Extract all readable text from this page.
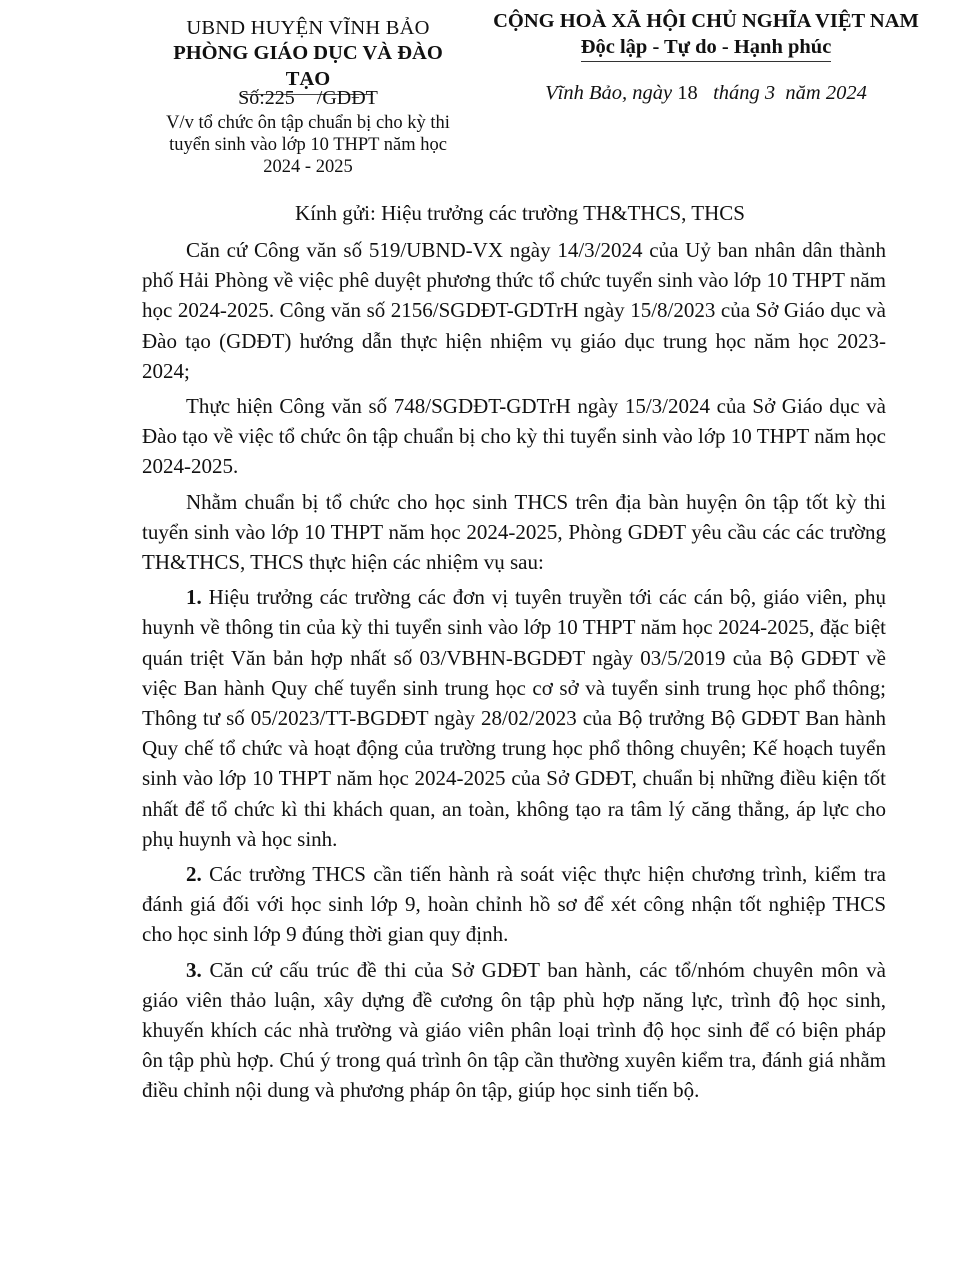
UBND HUYỆN VĨNH BẢO
PHÒNG GIÁO DỤC VÀ ĐÀO TẠO
CỘNG HOÀ XÃ HỘI CHỦ NGHĨA VIỆT NAM
Độc lập - Tự do - Hạnh phúc
Số:225 /GDĐT
V/v tổ chức ôn tập chuẩn bị cho kỳ thi
tuyển sinh vào lớp 10 THPT năm học
2024 - 2025
Vĩnh Bảo, ngày 18 tháng 3 năm 2024
Kính gửi: Hiệu trưởng các trường TH&THCS, THCS

Căn cứ Công văn số 519/UBND-VX ngày 14/3/2024 của Uỷ ban nhân dân thành phố Hải Phòng về việc phê duyệt phương thức tổ chức tuyển sinh vào lớp 10 THPT năm học 2024-2025. Công văn số 2156/SGDĐT-GDTrH ngày 15/8/2023 của Sở Giáo dục và Đào tạo (GDĐT) hướng dẫn thực hiện nhiệm vụ giáo dục trung học năm học 2023-2024;

Thực hiện Công văn số 748/SGDĐT-GDTrH ngày 15/3/2024 của Sở Giáo dục và Đào tạo về việc tổ chức ôn tập chuẩn bị cho kỳ thi tuyển sinh vào lớp 10 THPT năm học 2024-2025.

Nhằm chuẩn bị tổ chức cho học sinh THCS trên địa bàn huyện ôn tập tốt kỳ thi tuyển sinh vào lớp 10 THPT năm học 2024-2025, Phòng GDĐT yêu cầu các các trường TH&THCS, THCS thực hiện các nhiệm vụ sau:

1. Hiệu trưởng các trường các đơn vị tuyên truyền tới các cán bộ, giáo viên, phụ huynh về thông tin của kỳ thi tuyển sinh vào lớp 10 THPT năm học 2024-2025, đặc biệt quán triệt Văn bản hợp nhất số 03/VBHN-BGDĐT ngày 03/5/2019 của Bộ GDĐT về việc Ban hành Quy chế tuyển sinh trung học cơ sở và tuyển sinh trung học phổ thông; Thông tư số 05/2023/TT-BGDĐT ngày 28/02/2023 của Bộ trưởng Bộ GDĐT Ban hành Quy chế tổ chức và hoạt động của trường trung học phổ thông chuyên; Kế hoạch tuyển sinh vào lớp 10 THPT năm học 2024-2025 của Sở GDĐT, chuẩn bị những điều kiện tốt nhất để tổ chức kì thi khách quan, an toàn, không tạo ra tâm lý căng thẳng, áp lực cho phụ huynh và học sinh.

2. Các trường THCS cần tiến hành rà soát việc thực hiện chương trình, kiểm tra đánh giá đối với học sinh lớp 9, hoàn chỉnh hồ sơ để xét công nhận tốt nghiệp THCS cho học sinh lớp 9 đúng thời gian quy định.

3. Căn cứ cấu trúc đề thi của Sở GDĐT ban hành, các tổ/nhóm chuyên môn và giáo viên thảo luận, xây dựng đề cương ôn tập phù hợp năng lực, trình độ học sinh, khuyến khích các nhà trường và giáo viên phân loại trình độ học sinh để có biện pháp ôn tập phù hợp. Chú ý trong quá trình ôn tập cần thường xuyên kiểm tra, đánh giá nhằm điều chỉnh nội dung và phương pháp ôn tập, giúp học sinh tiến bộ.
